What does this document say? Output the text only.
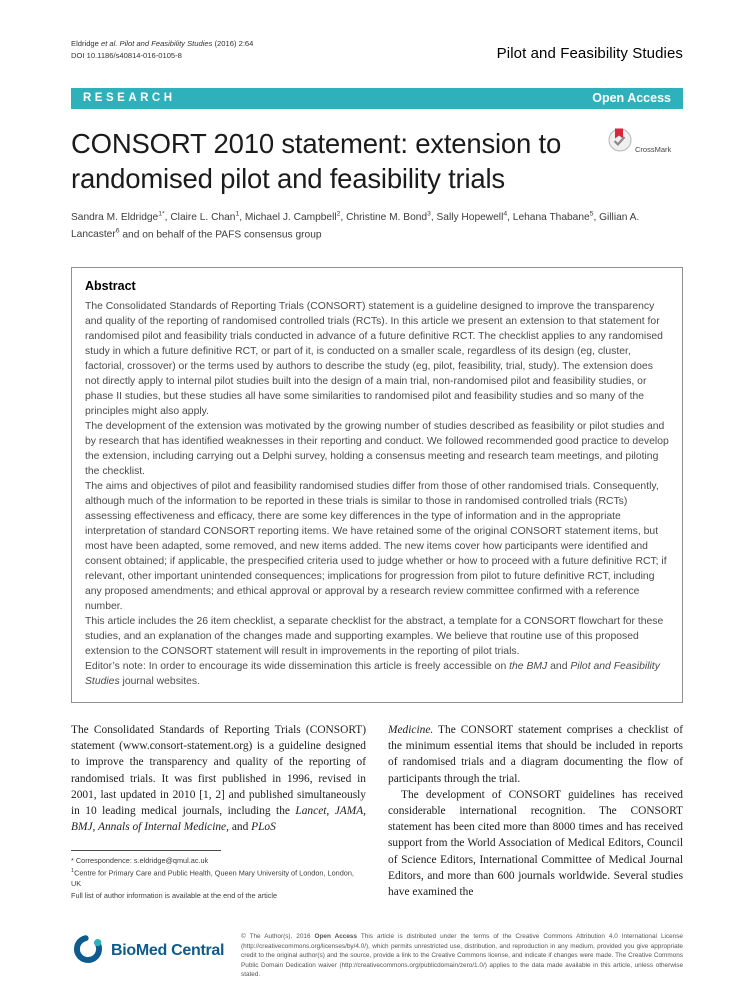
Eldridge et al. Pilot and Feasibility Studies (2016) 2:64
DOI 10.1186/s40814-016-0105-8	Pilot and Feasibility Studies
RESEARCH	Open Access
CONSORT 2010 statement: extension to randomised pilot and feasibility trials
CrossMark

Sandra M. Eldridge$^{1*}$, Claire L. Chan$^1$, Michael J. Campbell$^2$, Christine M. Bond$^3$, Sally Hopewell$^4$, Lehana Thabane$^5$, Gillian A. Lancaster$^6$ and on behalf of the PAFS consensus group

Abstract

The Consolidated Standards of Reporting Trials (CONSORT) statement is a guideline designed to improve the transparency and quality of the reporting of randomised controlled trials (RCTs). In this article we present an extension to that statement for randomised pilot and feasibility trials conducted in advance of a future definitive RCT. The checklist applies to any randomised study in which a future definitive RCT, or part of it, is conducted on a smaller scale, regardless of its design (eg, cluster, factorial, crossover) or the terms used by authors to describe the study (eg, pilot, feasibility, trial, study). The extension does not directly apply to internal pilot studies built into the design of a main trial, non-randomised pilot and feasibility studies, or phase II studies, but these studies all have some similarities to randomised pilot and feasibility studies and so many of the principles might also apply.

The development of the extension was motivated by the growing number of studies described as feasibility or pilot studies and by research that has identified weaknesses in their reporting and conduct. We followed recommended good practice to develop the extension, including carrying out a Delphi survey, holding a consensus meeting and research team meetings, and piloting the checklist.

The aims and objectives of pilot and feasibility randomised studies differ from those of other randomised trials. Consequently, although much of the information to be reported in these trials is similar to those in randomised controlled trials (RCTs) assessing effectiveness and efficacy, there are some key differences in the type of information and in the appropriate interpretation of standard CONSORT reporting items. We have retained some of the original CONSORT statement items, but most have been adapted, some removed, and new items added. The new items cover how participants were identified and consent obtained; if applicable, the prespecified criteria used to judge whether or how to proceed with a future definitive RCT; if relevant, other important unintended consequences; implications for progression from pilot to future definitive RCT, including any proposed amendments; and ethical approval or approval by a research review committee confirmed with a reference number.

This article includes the 26 item checklist, a separate checklist for the abstract, a template for a CONSORT flowchart for these studies, and an explanation of the changes made and supporting examples. We believe that routine use of this proposed extension to the CONSORT statement will result in improvements in the reporting of pilot trials.

Editor’s note: In order to encourage its wide dissemination this article is freely accessible on the BMJ and Pilot and Feasibility Studies journal websites.

The Consolidated Standards of Reporting Trials (CONSORT) statement (www.consort-statement.org) is a guideline designed to improve the transparency and quality of the reporting of randomised trials. It was first published in 1996, revised in 2001, last updated in 2010 [1, 2] and published simultaneously in 10 leading medical journals, including the Lancet, JAMA, BMJ, Annals of Internal Medicine, and PLoS

* Correspondence: s.eldridge@qmul.ac.uk
$^1$Centre for Primary Care and Public Health, Queen Mary University of London, London, UK
Full list of author information is available at the end of the article

Medicine. The CONSORT statement comprises a checklist of the minimum essential items that should be included in reports of randomised trials and a diagram documenting the flow of participants through the trial.

The development of CONSORT guidelines has received considerable international recognition. The CONSORT statement has been cited more than 8000 times and has received support from the World Association of Medical Editors, Council of Science Editors, International Committee of Medical Journal Editors, and more than 600 journals worldwide. Several studies have examined the

BioMed Central
© The Author(s). 2016 Open Access This article is distributed under the terms of the Creative Commons Attribution 4.0 International License (http://creativecommons.org/licenses/by/4.0/), which permits unrestricted use, distribution, and reproduction in any medium, provided you give appropriate credit to the original author(s) and the source, provide a link to the Creative Commons license, and indicate if changes were made. The Creative Commons Public Domain Dedication waiver (http://creativecommons.org/publicdomain/zero/1.0/) applies to the data made available in this article, unless otherwise stated.
